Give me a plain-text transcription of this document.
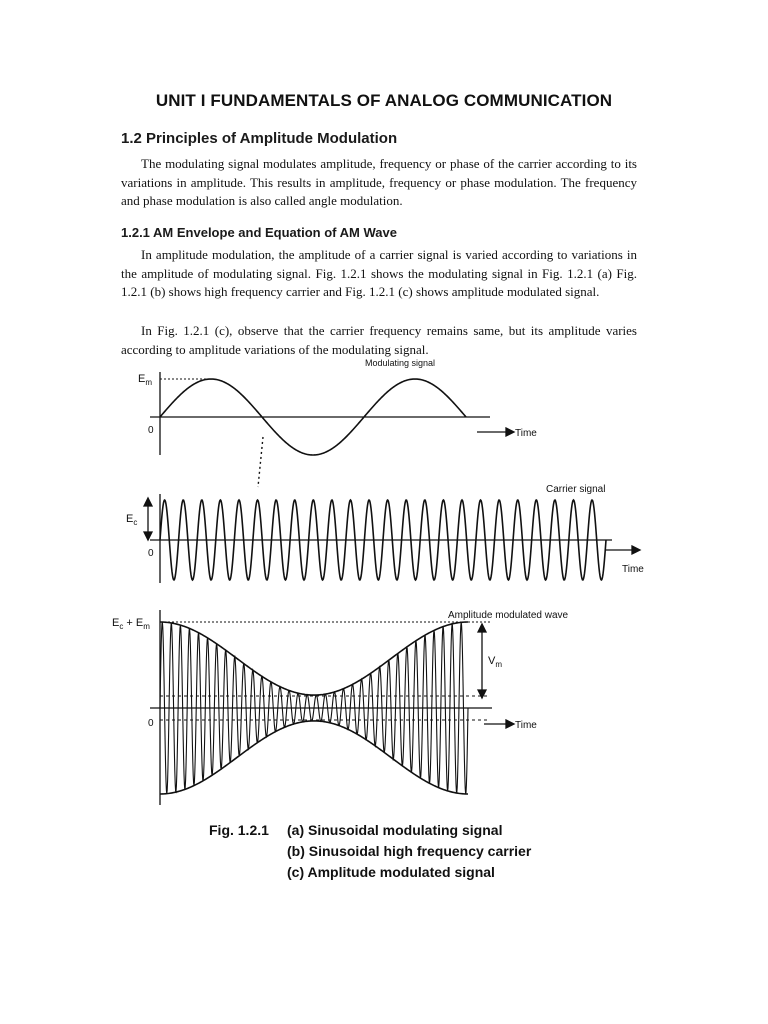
UNIT I FUNDAMENTALS OF ANALOG COMMUNICATION
1.2 Principles of Amplitude Modulation

The modulating signal modulates amplitude, frequency or phase of the carrier according to its variations in amplitude. This results in amplitude, frequency or phase modulation. The frequency and phase modulation is also called angle modulation.

1.2.1 AM Envelope and Equation of AM Wave

In amplitude modulation, the amplitude of a carrier signal is varied according to variations in the amplitude of modulating signal. Fig. 1.2.1 shows the modulating signal in Fig. 1.2.1 (a) Fig. 1.2.1 (b) shows high frequency carrier and Fig. 1.2.1 (c) shows amplitude modulated signal.

In Fig. 1.2.1 (c), observe that the carrier frequency remains same, but its amplitude varies according to amplitude variations of the modulating signal.

Modulating signal
$E_m$
0	Time
Carrier signal
$E_c$
0
Time
Amplitude modulated wave
$E_c + E_m$
$V_m$
0	Time
Fig. 1.2.1 (a) Sinusoidal modulating signal
(b) Sinusoidal high frequency carrier
(c) Amplitude modulated signal
